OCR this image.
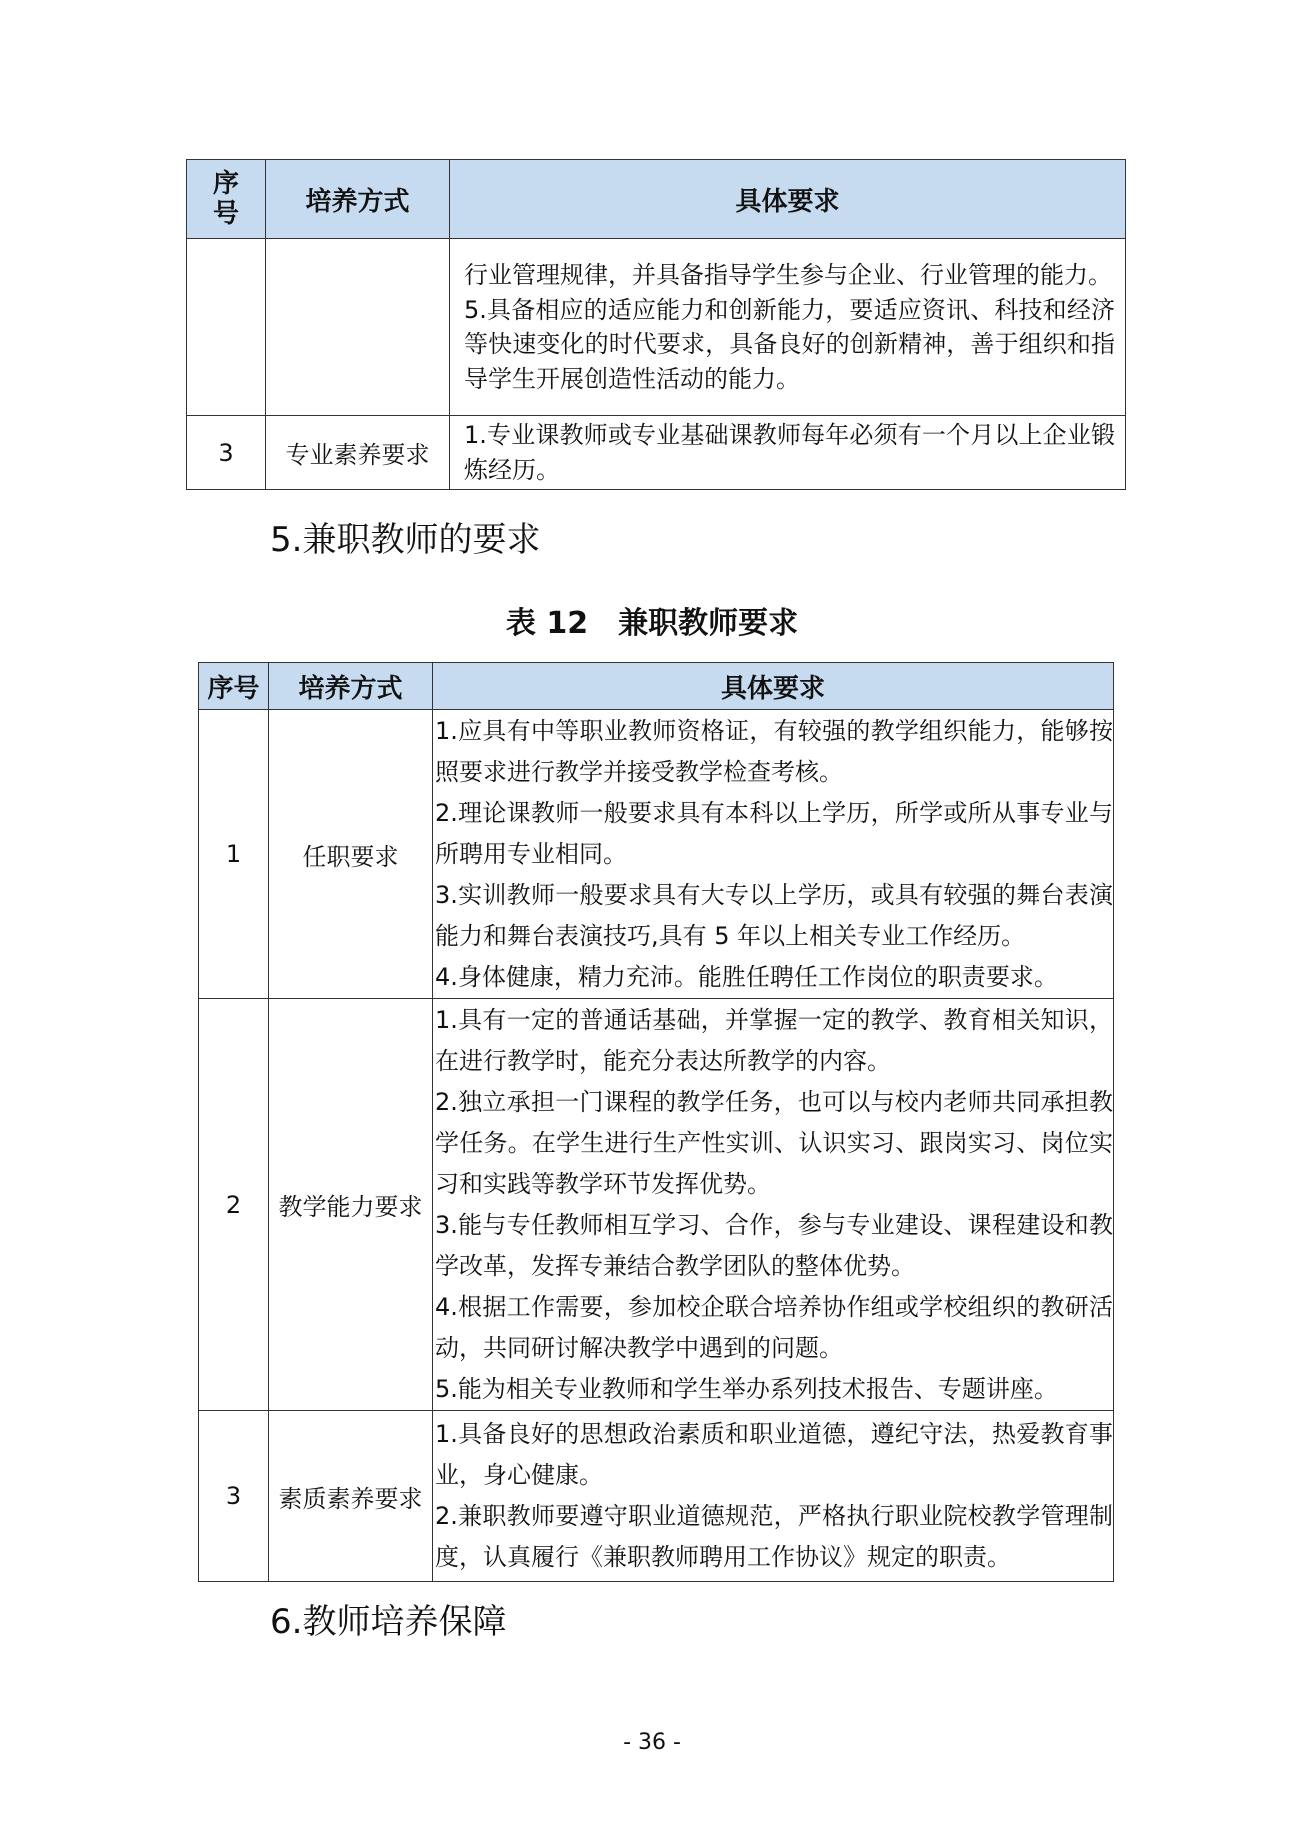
序
号	培养方式	具体要求

		行业管理规律，并具备指导学生参与企业、行业管理的能力。

5.具备相应的适应能力和创新能力，要适应资讯、科技和经济等快速变化的时代要求，具备良好的创新精神，善于组织和指导学生开展创造性活动的能力。

3	专业素养要求	1.专业课教师或专业基础课教师每年必须有一个月以上企业锻炼经历。

5.兼职教师的要求
表 12　兼职教师要求
序号	培养方式	具体要求
1	任职要求	1.应具有中等职业教师资格证，有较强的教学组织能力，能够按照要求进行教学并接受教学检查考核。

2.理论课教师一般要求具有本科以上学历，所学或所从事专业与所聘用专业相同。

3.实训教师一般要求具有大专以上学历，或具有较强的舞台表演能力和舞台表演技巧,具有 5 年以上相关专业工作经历。

4.身体健康，精力充沛。能胜任聘任工作岗位的职责要求。

2	教学能力要求	1.具有一定的普通话基础，并掌握一定的教学、教育相关知识，在进行教学时，能充分表达所教学的内容。

2.独立承担一门课程的教学任务，也可以与校内老师共同承担教学任务。在学生进行生产性实训、认识实习、跟岗实习、岗位实习和实践等教学环节发挥优势。

3.能与专任教师相互学习、合作，参与专业建设、课程建设和教学改革，发挥专兼结合教学团队的整体优势。

4.根据工作需要，参加校企联合培养协作组或学校组织的教研活动，共同研讨解决教学中遇到的问题。

5.能为相关专业教师和学生举办系列技术报告、专题讲座。

3	素质素养要求	1.具备良好的思想政治素质和职业道德，遵纪守法，热爱教育事业，身心健康。

2.兼职教师要遵守职业道德规范，严格执行职业院校教学管理制度，认真履行《兼职教师聘用工作协议》规定的职责。

6.教师培养保障
- 36 -
